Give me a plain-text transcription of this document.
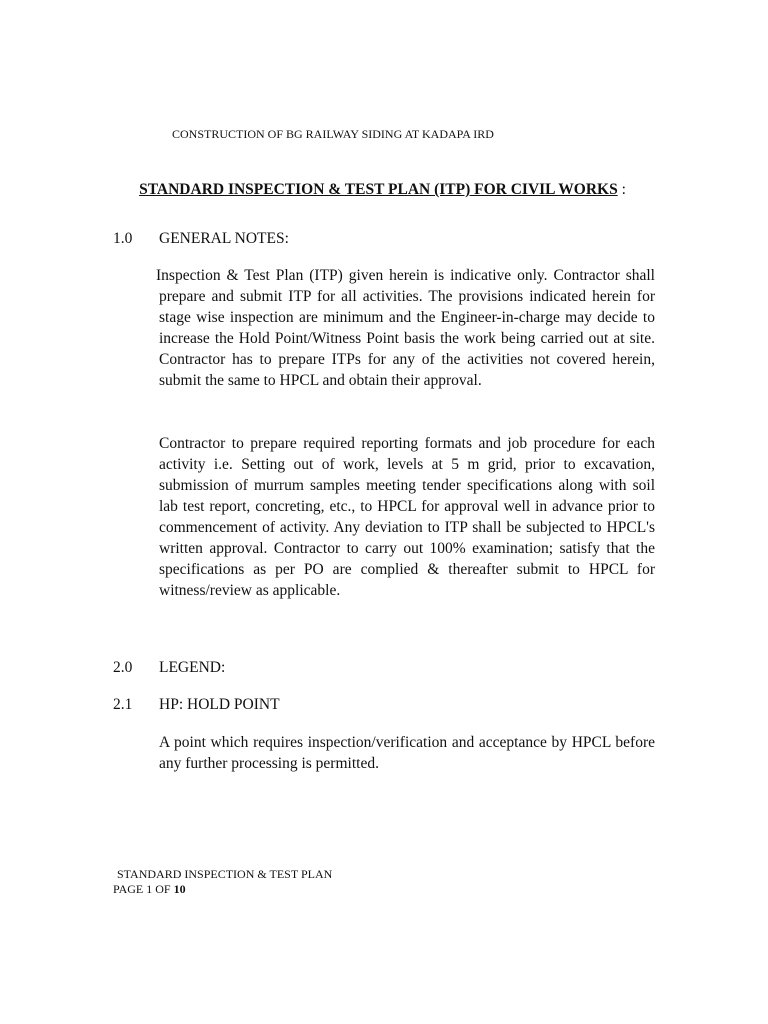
CONSTRUCTION OF BG RAILWAY SIDING AT KADAPA IRD
STANDARD INSPECTION & TEST PLAN (ITP) FOR CIVIL WORKS :
1.0 GENERAL NOTES:
Inspection & Test Plan (ITP) given herein is indicative only. Contractor shall prepare and submit ITP for all activities. The provisions indicated herein for stage wise inspection are minimum and the Engineer-in-charge may decide to increase the Hold Point/Witness Point basis the work being carried out at site. Contractor has to prepare ITPs for any of the activities not covered herein, submit the same to HPCL and obtain their approval.
Contractor to prepare required reporting formats and job procedure for each activity i.e. Setting out of work, levels at 5 m grid, prior to excavation, submission of murrum samples meeting tender specifications along with soil lab test report, concreting, etc., to HPCL for approval well in advance prior to commencement of activity. Any deviation to ITP shall be subjected to HPCL's written approval. Contractor to carry out 100% examination; satisfy that the specifications as per PO are complied & thereafter submit to HPCL for witness/review as applicable.
2.0 LEGEND:
2.1 HP: HOLD POINT
A point which requires inspection/verification and acceptance by HPCL before any further processing is permitted.
STANDARD INSPECTION & TEST PLAN
PAGE 1 OF 10
